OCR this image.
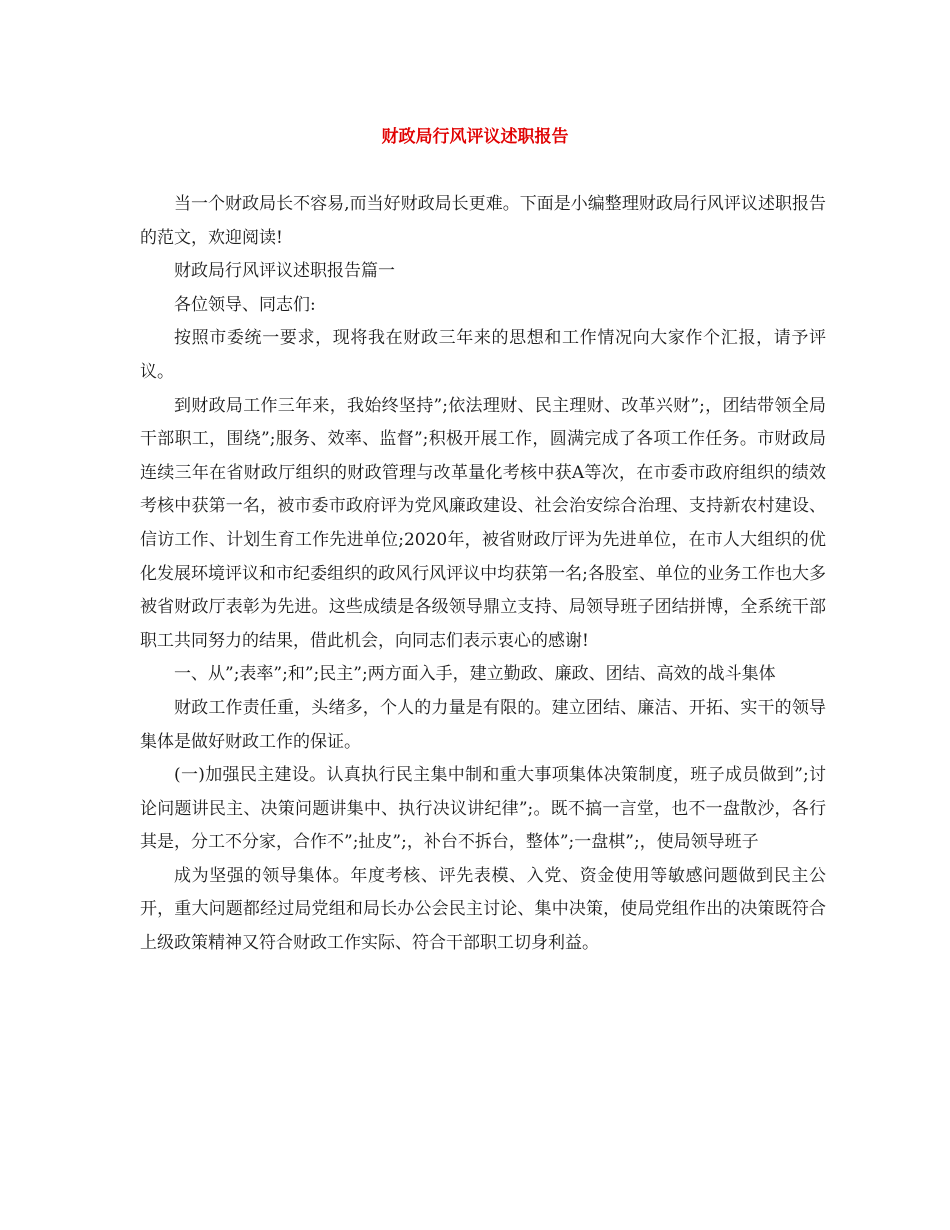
财政局行风评议述职报告

当一个财政局长不容易,而当好财政局长更难。下面是小编整理财政局行风评议述职报告的范文，欢迎阅读!

财政局行风评议述职报告篇一

各位领导、同志们:

按照市委统一要求，现将我在财政三年来的思想和工作情况向大家作个汇报，请予评议。

到财政局工作三年来，我始终坚持”;依法理财、民主理财、改革兴财”;，团结带领全局干部职工，围绕”;服务、效率、监督”;积极开展工作，圆满完成了各项工作任务。市财政局连续三年在省财政厅组织的财政管理与改革量化考核中获A等次，在市委市政府组织的绩效考核中获第一名，被市委市政府评为党风廉政建设、社会治安综合治理、支持新农村建设、信访工作、计划生育工作先进单位;2020年，被省财政厅评为先进单位，在市人大组织的优化发展环境评议和市纪委组织的政风行风评议中均获第一名;各股室、单位的业务工作也大多被省财政厅表彰为先进。这些成绩是各级领导鼎立支持、局领导班子团结拼博，全系统干部职工共同努力的结果，借此机会，向同志们表示衷心的感谢!

一、从”;表率”;和”;民主”;两方面入手，建立勤政、廉政、团结、高效的战斗集体

财政工作责任重，头绪多，个人的力量是有限的。建立团结、廉洁、开拓、实干的领导集体是做好财政工作的保证。

(一)加强民主建设。认真执行民主集中制和重大事项集体决策制度，班子成员做到”;讨论问题讲民主、决策问题讲集中、执行决议讲纪律”;。既不搞一言堂，也不一盘散沙，各行其是，分工不分家，合作不”;扯皮”;，补台不拆台，整体”;一盘棋”;，使局领导班子

成为坚强的领导集体。年度考核、评先表模、入党、资金使用等敏感问题做到民主公开，重大问题都经过局党组和局长办公会民主讨论、集中决策，使局党组作出的决策既符合上级政策精神又符合财政工作实际、符合干部职工切身利益。
